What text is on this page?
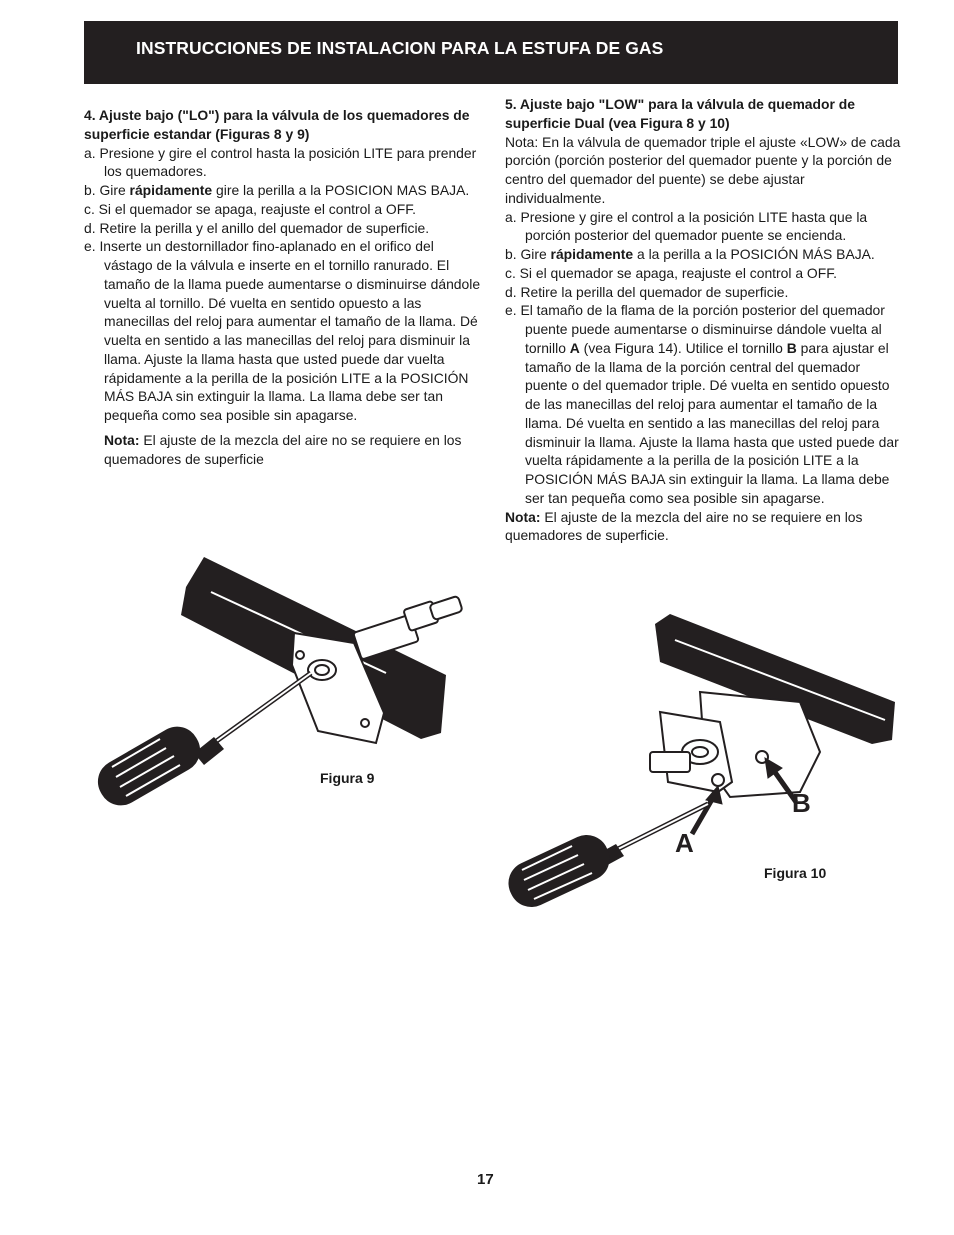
INSTRUCCIONES DE INSTALACION PARA LA ESTUFA DE GAS

4. Ajuste bajo ("LO") para la válvula de los quemadores de superficie estandar (Figuras 8 y 9)

a. Presione y gire el control hasta la posición LITE para prender los quemadores.

b. Gire rápidamente gire la perilla a la POSICION MAS BAJA.

c. Si el quemador se apaga, reajuste el control a OFF.

d. Retire la perilla y el anillo del quemador de superficie.

e. Inserte un destornillador fino-aplanado en el orifico del vástago de la válvula e inserte en el tornillo ranurado. El tamaño de la llama puede aumentarse o disminuirse dándole vuelta al tornillo. Dé vuelta en sentido opuesto a las manecillas del reloj para aumentar el tamaño de la llama. Dé vuelta en sentido a las manecillas del reloj para disminuir la llama. Ajuste la llama hasta que usted puede dar vuelta rápidamente a la perilla de la posición LITE a la POSICIÓN MÁS BAJA sin extinguir la llama. La llama debe ser tan pequeña como sea posible sin apagarse.

Nota: El ajuste de la mezcla del aire no se requiere en los quemadores de superficie

5. Ajuste bajo "LOW" para la válvula de quemador de superficie Dual (vea Figura 8 y 10)

Nota: En la válvula de quemador triple el ajuste «LOW» de cada porción (porción posterior del quemador puente y la porción de centro del quemador del puente) se debe ajustar individualmente.

a. Presione y gire el control a la posición LITE hasta que la porción posterior del quemador puente se encienda.

b. Gire rápidamente a la perilla a la POSICIÓN MÁS BAJA.

c. Si el quemador se apaga, reajuste el control a OFF.

d. Retire la perilla del quemador de superficie.

e. El tamaño de la flama de la porción posterior del quemador puente puede aumentarse o disminuirse dándole vuelta al tornillo A (vea Figura 14). Utilice el tornillo B para ajustar el tamaño de la llama de la porción central del quemador puente o del quemador triple. Dé vuelta en sentido opuesto de las manecillas del reloj para aumentar el tamaño de la llama. Dé vuelta en sentido a las manecillas del reloj para disminuir la llama. Ajuste la llama hasta que usted puede dar vuelta rápidamente a la perilla de la posición LITE a la POSICIÓN MÁS BAJA sin extinguir la llama. La llama debe ser tan pequeña como sea posible sin apagarse.

Nota: El ajuste de la mezcla del aire no se requiere en los quemadores de superficie.

Figura 9
B
A
Figura 10
17
